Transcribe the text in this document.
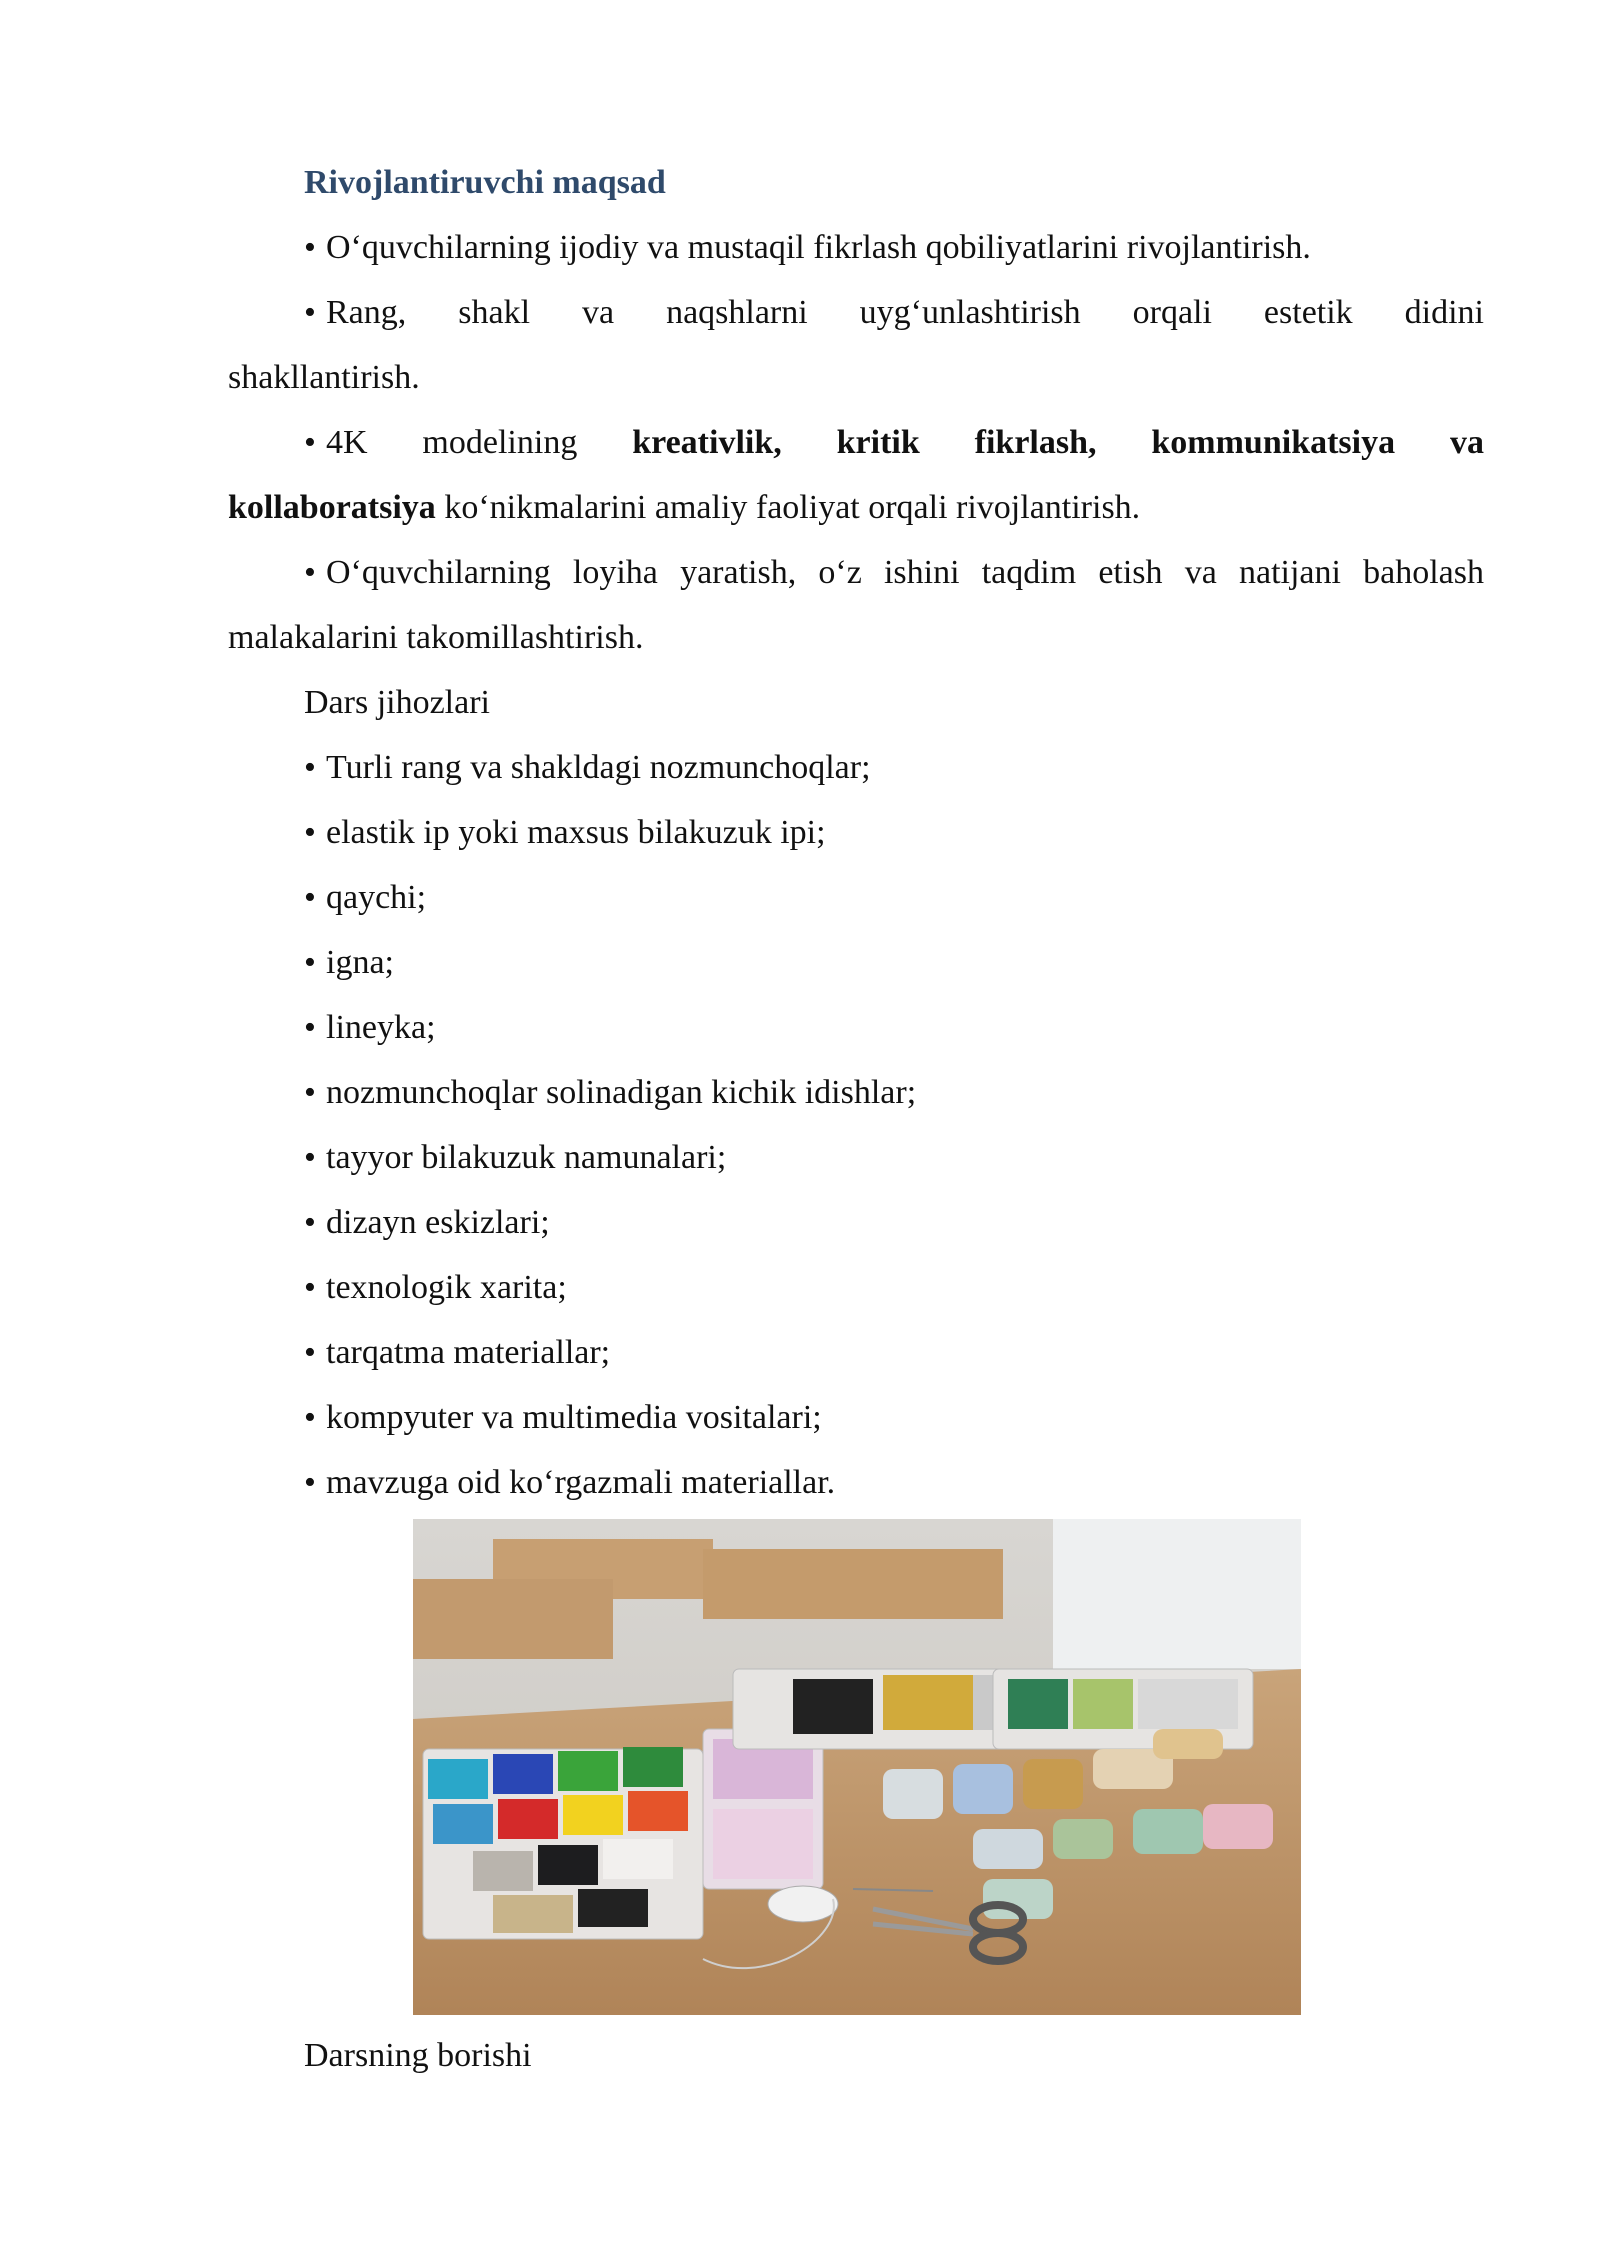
Rivojlantiruvchi maqsad

• O‘quvchilarning ijodiy va mustaqil fikrlash qobiliyatlarini rivojlantirish.

• Rang, shakl va naqshlarni uyg‘unlashtirish orqali estetik didini

shakllantirish.

• 4K modelining kreativlik, kritik fikrlash, kommunikatsiya va

kollaboratsiya ko‘nikmalarini amaliy faoliyat orqali rivojlantirish.

• O‘quvchilarning loyiha yaratish, o‘z ishini taqdim etish va natijani baholash

malakalarini takomillashtirish.

Dars jihozlari

• Turli rang va shakldagi nozmunchoqlar;

• elastik ip yoki maxsus bilakuzuk ipi;

• qaychi;

• igna;

• lineyka;

• nozmunchoqlar solinadigan kichik idishlar;

• tayyor bilakuzuk namunalari;

• dizayn eskizlari;

• texnologik xarita;

• tarqatma materiallar;

• kompyuter va multimedia vositalari;

• mavzuga oid ko‘rgazmali materiallar.

Darsning borishi
